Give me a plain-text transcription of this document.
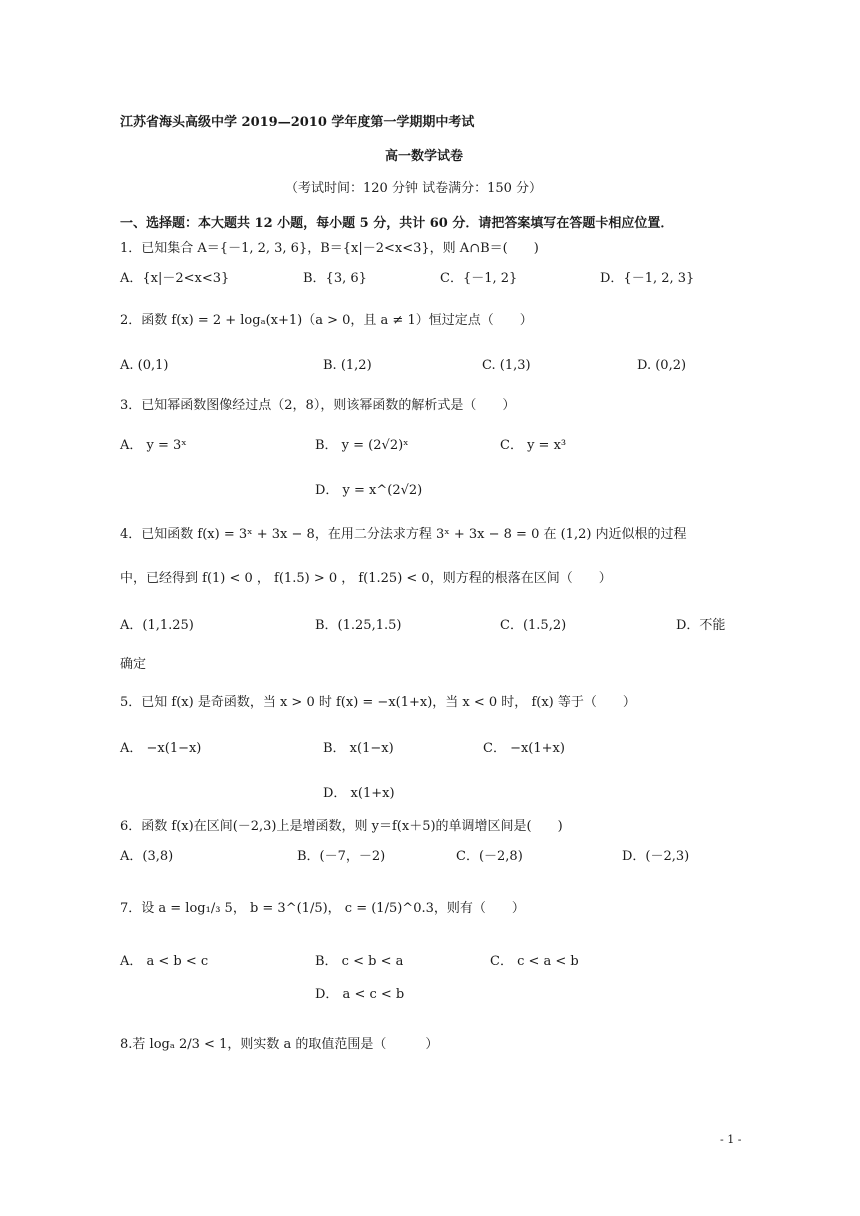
江苏省海头高级中学 2019—2010 学年度第一学期期中考试
高一数学试卷
（考试时间：120 分钟 试卷满分：150 分）
一、选择题：本大题共 12 小题，每小题 5 分，共计 60 分．请把答案填写在答题卡相应位置．
1．已知集合 A＝{－1, 2, 3, 6}，B＝{x|－2<x<3}，则 A∩B＝(　　)
A．{x|－2<x<3}	B．{3, 6}	C．{－1, 2}	D．{－1, 2, 3}
2．函数 f(x) = 2 + logₐ(x+1)（a > 0，且 a ≠ 1）恒过定点（　　）
A. (0,1)	B. (1,2)	C. (1,3)	D. (0,2)
3．已知幂函数图像经过点（2，8），则该幂函数的解析式是（　　）
A． y = 3ˣ	B． y = (2√2)ˣ	C． y = x³
D． y = x^(2√2)
4．已知函数 f(x) = 3ˣ + 3x − 8，在用二分法求方程 3ˣ + 3x − 8 = 0 在 (1,2) 内近似根的过程
中，已经得到 f(1) < 0 ， f(1.5) > 0 ， f(1.25) < 0，则方程的根落在区间（　　）
A．(1,1.25)	B．(1.25,1.5)	C．(1.5,2)	D．不能
确定
5．已知 f(x) 是奇函数，当 x > 0 时 f(x) = −x(1+x)，当 x < 0 时， f(x) 等于（　　）
A． −x(1−x)	B． x(1−x)	C． −x(1+x)
D． x(1+x)
6．函数 f(x)在区间(－2,3)上是增函数，则 y＝f(x＋5)的单调增区间是(　　)
A．(3,8)	B．(－7，－2)	C．(－2,8)	D．(－2,3)
7．设 a = log₁/₃ 5， b = 3^(1/5)， c = (1/5)^0.3，则有（　　）
A． a < b < c	B． c < b < a	C． c < a < b
D． a < c < b
8.若 logₐ 2/3 < 1，则实数 a 的取值范围是（　　　）
- 1 -
